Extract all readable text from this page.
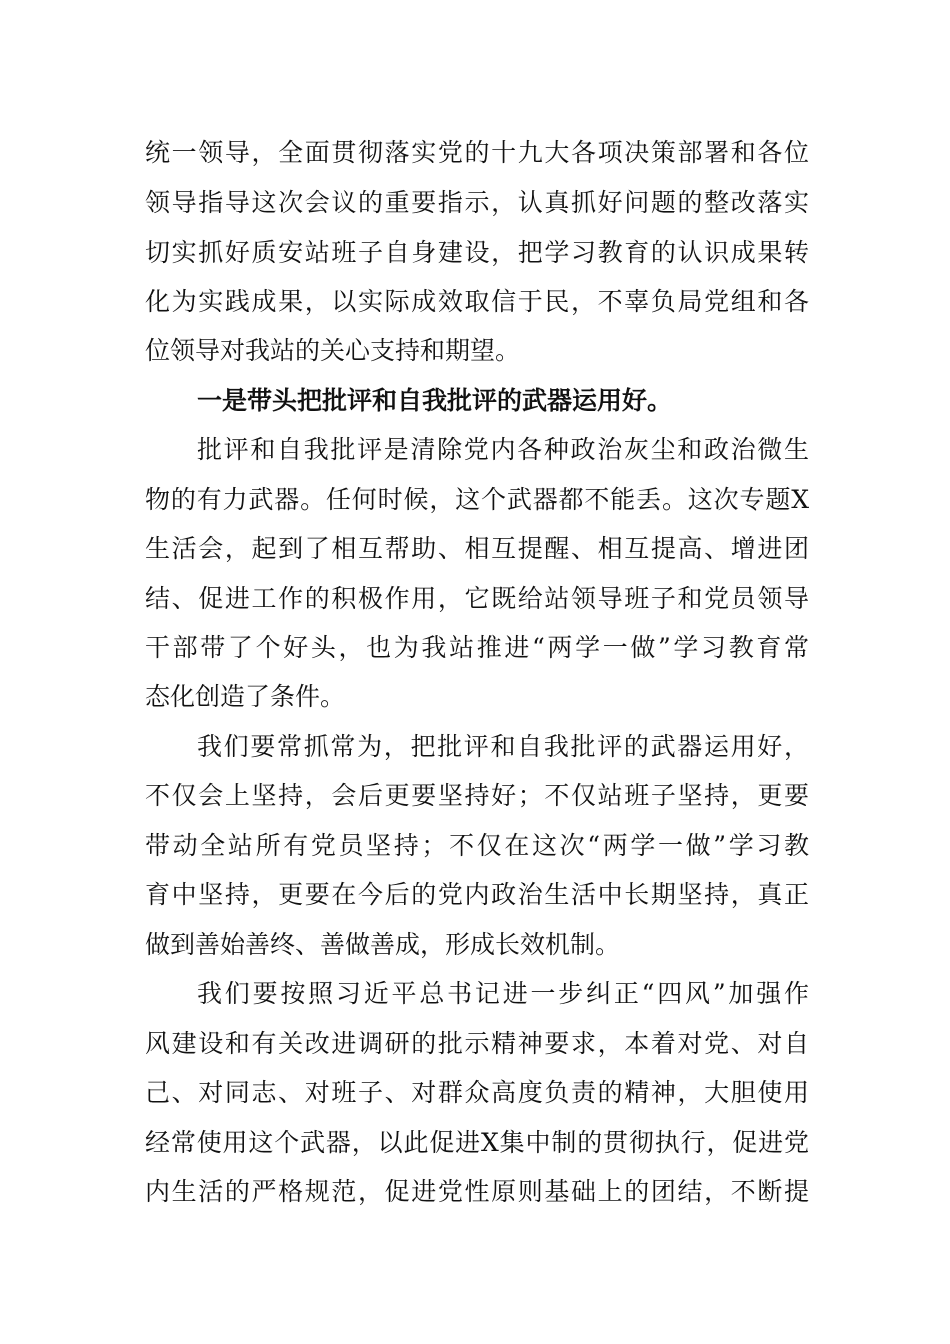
统一领导，全面贯彻落实党的十九大各项决策部署和各位
领导指导这次会议的重要指示，认真抓好问题的整改落实
切实抓好质安站班子自身建设，把学习教育的认识成果转
化为实践成果，以实际成效取信于民，不辜负局党组和各
位领导对我站的关心支持和期望。
一是带头把批评和自我批评的武器运用好。
批评和自我批评是清除党内各种政治灰尘和政治微生
物的有力武器。任何时候，这个武器都不能丢。这次专题X
生活会，起到了相互帮助、相互提醒、相互提高、增进团
结、促进工作的积极作用，它既给站领导班子和党员领导
干部带了个好头，也为我站推进“两学一做”学习教育常
态化创造了条件。
我们要常抓常为，把批评和自我批评的武器运用好，
不仅会上坚持，会后更要坚持好；不仅站班子坚持，更要
带动全站所有党员坚持；不仅在这次“两学一做”学习教
育中坚持，更要在今后的党内政治生活中长期坚持，真正
做到善始善终、善做善成，形成长效机制。
我们要按照习近平总书记进一步纠正“四风”加强作
风建设和有关改进调研的批示精神要求，本着对党、对自
己、对同志、对班子、对群众高度负责的精神，大胆使用
经常使用这个武器，以此促进X集中制的贯彻执行，促进党
内生活的严格规范，促进党性原则基础上的团结，不断提
